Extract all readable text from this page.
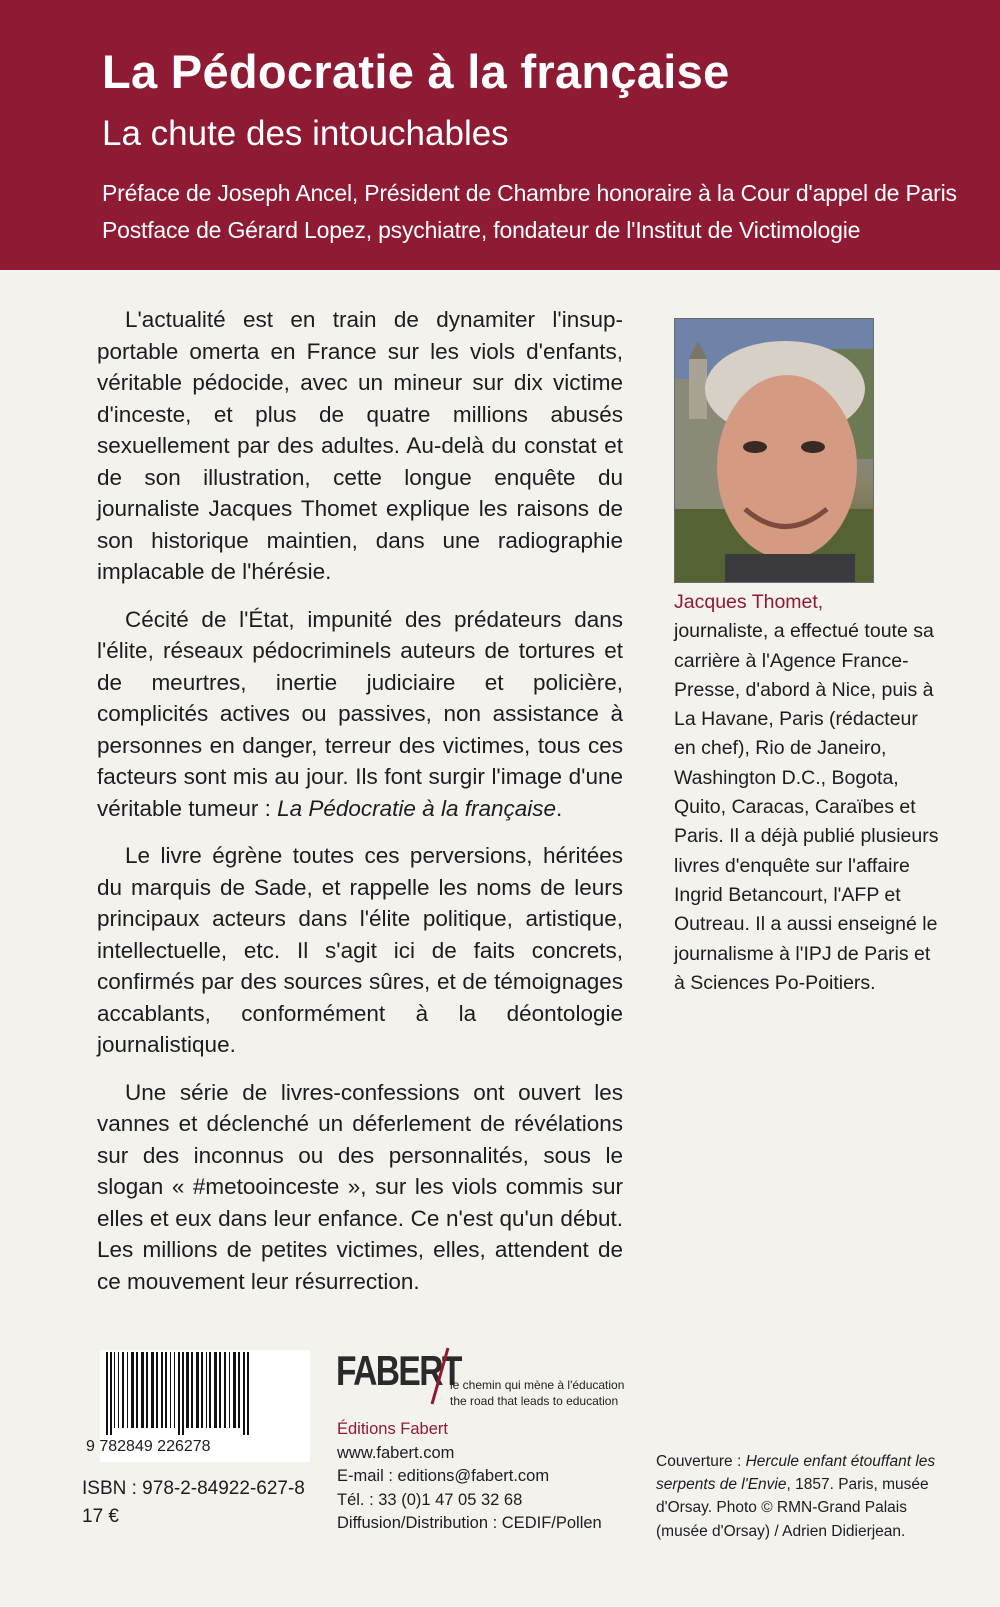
La Pédocratie à la française
La chute des intouchables
Préface de Joseph Ancel, Président de Chambre honoraire à la Cour d'appel de Paris
Postface de Gérard Lopez, psychiatre, fondateur de l'Institut de Victimologie

L'actualité est en train de dynamiter l'insupportable omerta en France sur les viols d'enfants, véritable pédocide, avec un mineur sur dix victime d'inceste, et plus de quatre millions abusés sexuellement par des adultes. Au-delà du constat et de son illustration, cette longue enquête du journaliste Jacques Thomet explique les raisons de son historique maintien, dans une radiographie implacable de l'hérésie.

Cécité de l'État, impunité des prédateurs dans l'élite, réseaux pédocriminels auteurs de tortures et de meurtres, inertie judiciaire et policière, complicités actives ou passives, non assistance à personnes en danger, terreur des victimes, tous ces facteurs sont mis au jour. Ils font surgir l'image d'une véritable tumeur : La Pédocratie à la française.

Le livre égrène toutes ces perversions, héritées du marquis de Sade, et rappelle les noms de leurs principaux acteurs dans l'élite politique, artistique, intellectuelle, etc. Il s'agit ici de faits concrets, confirmés par des sources sûres, et de témoignages accablants, conformément à la déontologie journalistique.

Une série de livres-confessions ont ouvert les vannes et déclenché un déferlement de révélations sur des inconnus ou des personnalités, sous le slogan « #metooinceste », sur les viols commis sur elles et eux dans leur enfance. Ce n'est qu'un début. Les millions de petites victimes, elles, attendent de ce mouvement leur résurrection.

Jacques Thomet,
journaliste, a effectué toute sa carrière à l'Agence France-Presse, d'abord à Nice, puis à La Havane, Paris (rédacteur en chef), Rio de Janeiro, Washington D.C., Bogota, Quito, Caracas, Caraïbes et Paris. Il a déjà publié plusieurs livres d'enquête sur l'affaire Ingrid Betancourt, l'AFP et Outreau. Il a aussi enseigné le journalisme à l'IPJ de Paris et à Sciences Po-Poitiers.
9 782849 226278
ISBN : 978-2-84922-627-8
17 €
FABERT
le chemin qui mène à l'éducation
the road that leads to education
Éditions Fabert
www.fabert.com
E-mail : editions@fabert.com
Tél. : 33 (0)1 47 05 32 68
Diffusion/Distribution : CEDIF/Pollen
Couverture : Hercule enfant étouffant les serpents de l'Envie, 1857. Paris, musée d'Orsay. Photo © RMN-Grand Palais (musée d'Orsay) / Adrien Didierjean.
